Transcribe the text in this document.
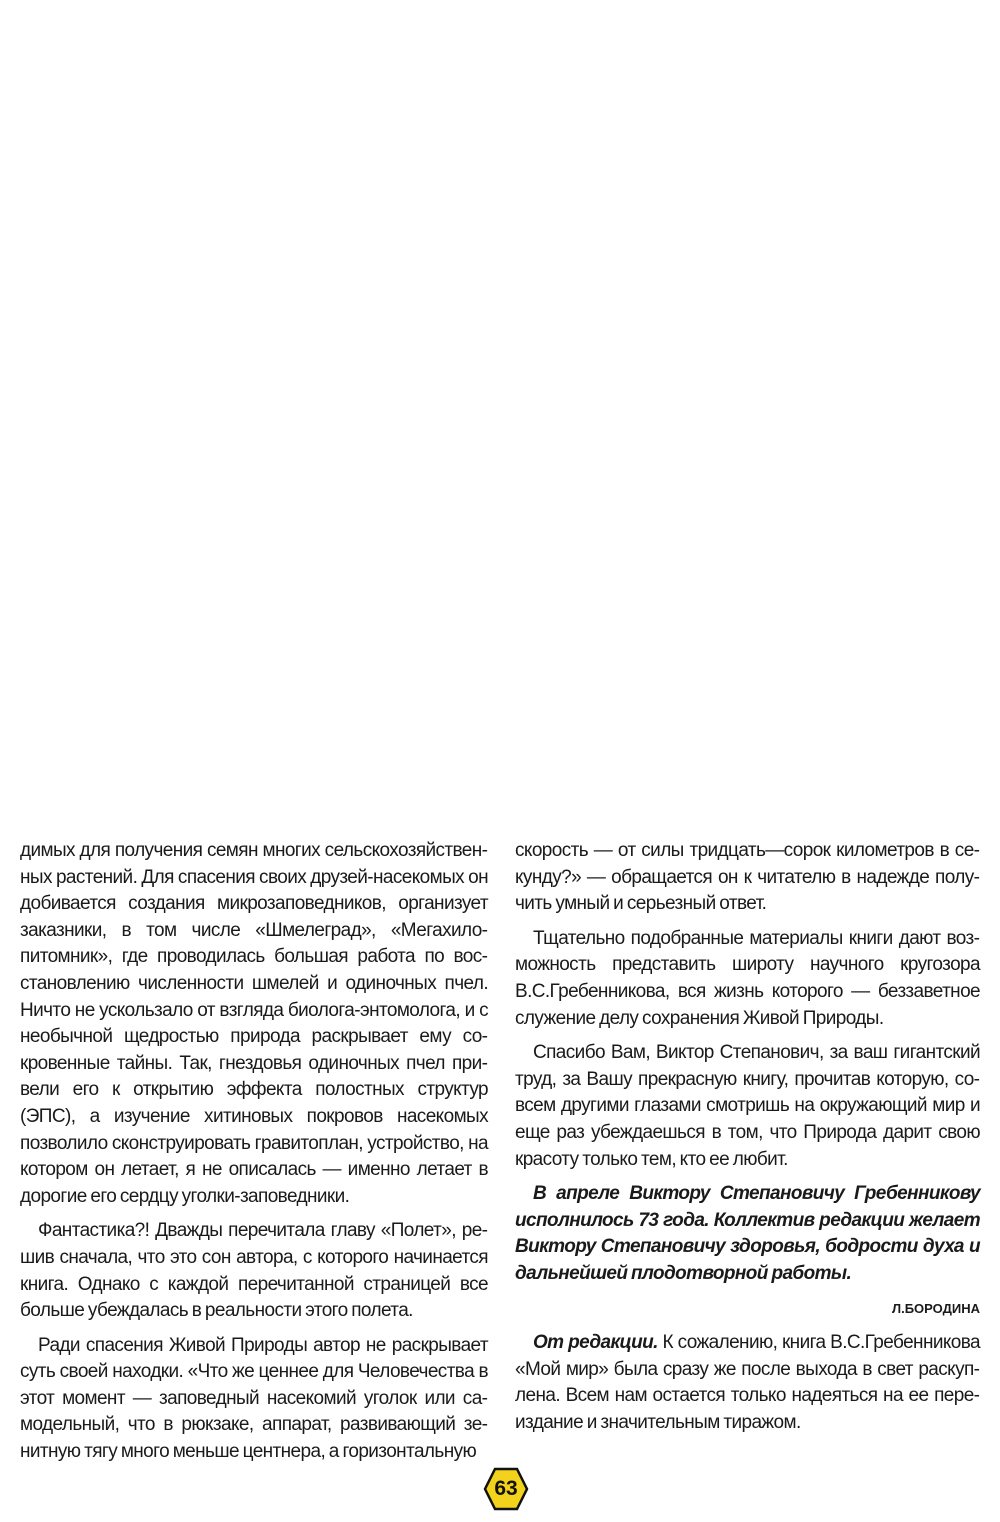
димых для получения семян многих сельскохозяйственных растений. Для спасения своих друзей-насекомых он добивается создания микрозаповедников, организует заказники, в том числе «Шмелеград», «Мегахилопитомник», где проводилась большая работа по восстановлению численности шмелей и одиночных пчел. Ничто не ускользало от взгляда биолога-энтомолога, и с необычной щедростью природа раскрывает ему сокровенные тайны. Так, гнездовья одиночных пчел привели его к открытию эффекта полостных структур (ЭПС), а изучение хитиновых покровов насекомых позволило сконструировать гравитоплан, устройство, на котором он летает, я не описалась — именно летает в дорогие его сердцу уголки-заповедники.

Фантастика?! Дважды перечитала главу «Полет», решив сначала, что это сон автора, с которого начинается книга. Однако с каждой перечитанной страницей все больше убеждалась в реальности этого полета.

Ради спасения Живой Природы автор не раскрывает суть своей находки. «Что же ценнее для Человечества в этот момент — заповедный насекомий уголок или самодельный, что в рюкзаке, аппарат, развивающий зенитную тягу много меньше центнера, а горизонтальную

скорость — от силы тридцать—сорок километров в секунду?» — обращается он к читателю в надежде получить умный и серьезный ответ.

Тщательно подобранные материалы книги дают возможность представить широту научного кругозора В.С.Гребенникова, вся жизнь которого — беззаветное служение делу сохранения Живой Природы.

Спасибо Вам, Виктор Степанович, за ваш гигантский труд, за Вашу прекрасную книгу, прочитав которую, совсем другими глазами смотришь на окружающий мир и еще раз убеждаешься в том, что Природа дарит свою красоту только тем, кто ее любит.

В апреле Виктору Степановичу Гребенникову исполнилось 73 года. Коллектив редакции желает Виктору Степановичу здоровья, бодрости духа и дальнейшей плодотворной работы.

Л.БОРОДИНА

От редакции. К сожалению, книга В.С.Гребенникова «Мой мир» была сразу же после выхода в свет раскуплена. Всем нам остается только надеяться на ее переиздание и значительным тиражом.

63
